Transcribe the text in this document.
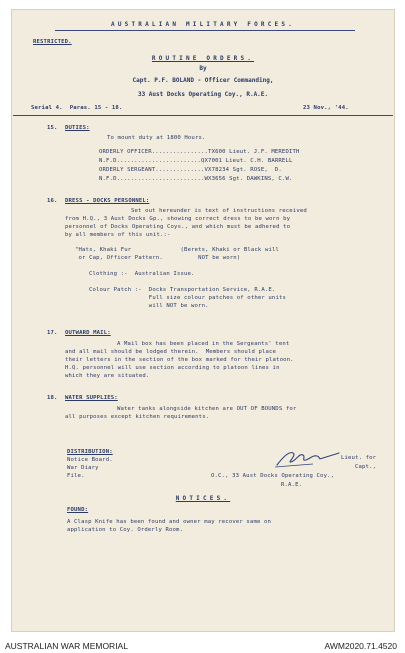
AUSTRALIAN MILITARY FORCES.
RESTRICTED.
ROUTINE ORDERS.
By
Capt. P.F. BOLAND - Officer Commanding,
33 Aust Docks Operating Coy., R.A.E.
Serial 4.  Paras. 15 - 18.	23 Nov., '44.
15. DUTIES:
To mount duty at 1800 Hours.
ORDERLY OFFICER................TX600 Lieut. J.F. MEREDITH
N.F.D........................QX7001 Lieut. C.H. BARRELL
ORDERLY SERGEANT..............VX78234 Sgt. ROSE,  D.
N.F.D.........................WX3656 Sgt. DAWKINS, C.W.
16. DRESS - DOCKS PERSONNEL:
Set out hereunder is text of instructions received
from H.Q., 3 Aust Docks Gp., showing correct dress to be worn by
personnel of Docks Operating Coys., and which must be adhered to
by all members of this unit.:-
"Hats, Khaki Fur              (Berets, Khaki or Black will
or Cap, Officer Pattern.          NOT be worn)
Clothing :-  Australian Issue.
Colour Patch :-  Docks Transportation Service, R.A.E.
Full size colour patches of other units
will NOT be worn.
17. OUTWARD MAIL:
A Mail box has been placed in the Sergeants' tent
and all mail should be lodged therein.  Members should place
their letters in the section of the box marked for their platoon.
H.Q. personnel will use section according to platoon lines in
which they are situated.
18. WATER SUPPLIES:
Water tanks alongside kitchen are OUT OF BOUNDS for
all purposes except kitchen requirements.
DISTRIBUTION:
Notice Board.
War Diary
File.
Lieut. for
Capt.,
O.C., 33 Aust Docks Operating Coy.,
R.A.E.
NOTICES.
FOUND:
A Clasp Knife has been found and owner may recover same on
application to Coy. Orderly Room.
AUSTRALIAN WAR MEMORIAL	AWM2020.71.4520
